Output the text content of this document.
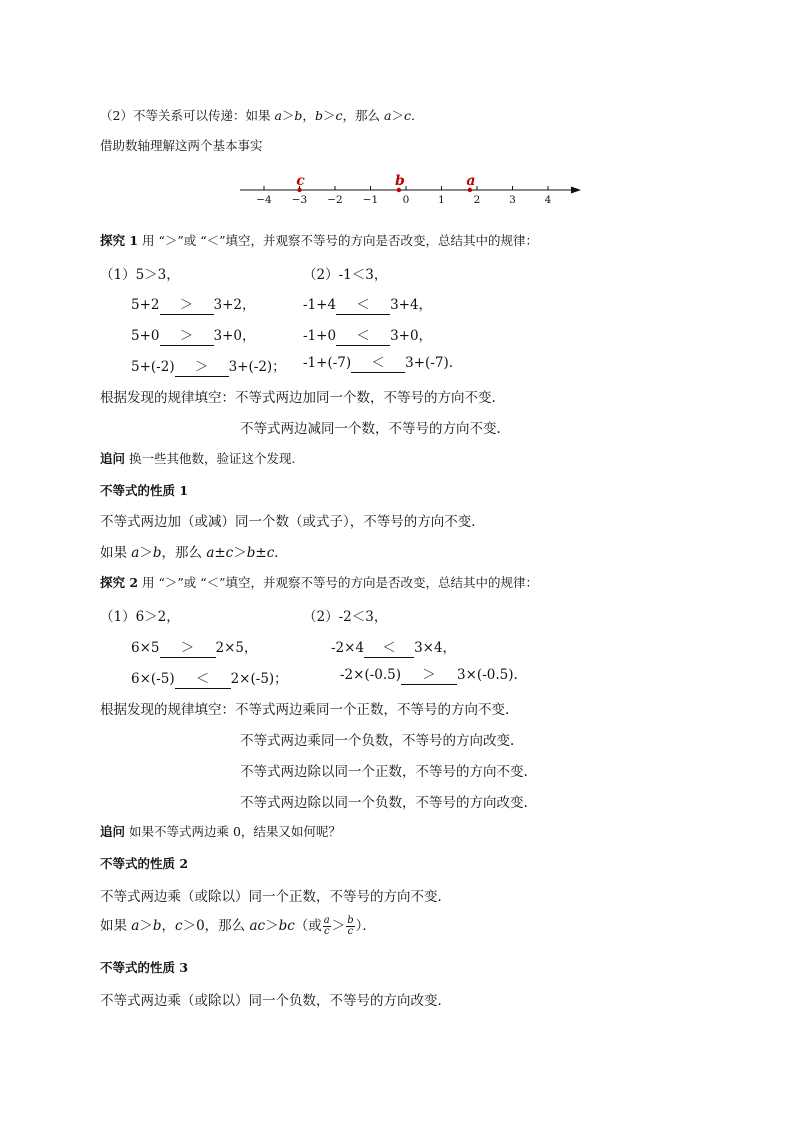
（2）不等关系可以传递：如果 a＞b，b＞c，那么 a＞c．
借助数轴理解这两个基本事实
−4 −3 −2 −1 0	1	2	3	4
c	b	a
探究 1 用 “＞”或 “＜”填空，并观察不等号的方向是否改变，总结其中的规律：
（1）5＞3，	（2）-1＜3，
5+2 ＞ 3+2，	-1+4 ＜ 3+4，
5+0 ＞ 3+0，	-1+0 ＜ 3+0，
5+(-2) ＞ 3+(-2)； -1+(-7) ＜ 3+(-7).
根据发现的规律填空：不等式两边加同一个数，不等号的方向不变.
不等式两边减同一个数，不等号的方向不变.
追问 换一些其他数，验证这个发现.
不等式的性质 1
不等式两边加（或减）同一个数（或式子），不等号的方向不变．
如果 a＞b，那么 a±c＞b±c．
探究 2 用 “＞”或 “＜”填空，并观察不等号的方向是否改变，总结其中的规律：
（1）6＞2，	（2）-2＜3，
6×5 ＞ 2×5，	-2×4 ＜ 3×4，
6×(-5) ＜ 2×(-5)；	-2×(-0.5) ＞ 3×(-0.5).
根据发现的规律填空：不等式两边乘同一个正数，不等号的方向不变.
不等式两边乘同一个负数，不等号的方向改变.
不等式两边除以同一个正数，不等号的方向不变.
不等式两边除以同一个负数，不等号的方向改变.
追问 如果不等式两边乘 0，结果又如何呢？
不等式的性质 2
不等式两边乘（或除以）同一个正数，不等号的方向不变．
如果 a＞b，c＞0，那么 ac＞bc（或 $\frac{a}{c} > \frac{b}{c}$ ）．
不等式的性质 3
不等式两边乘（或除以）同一个负数，不等号的方向改变．
